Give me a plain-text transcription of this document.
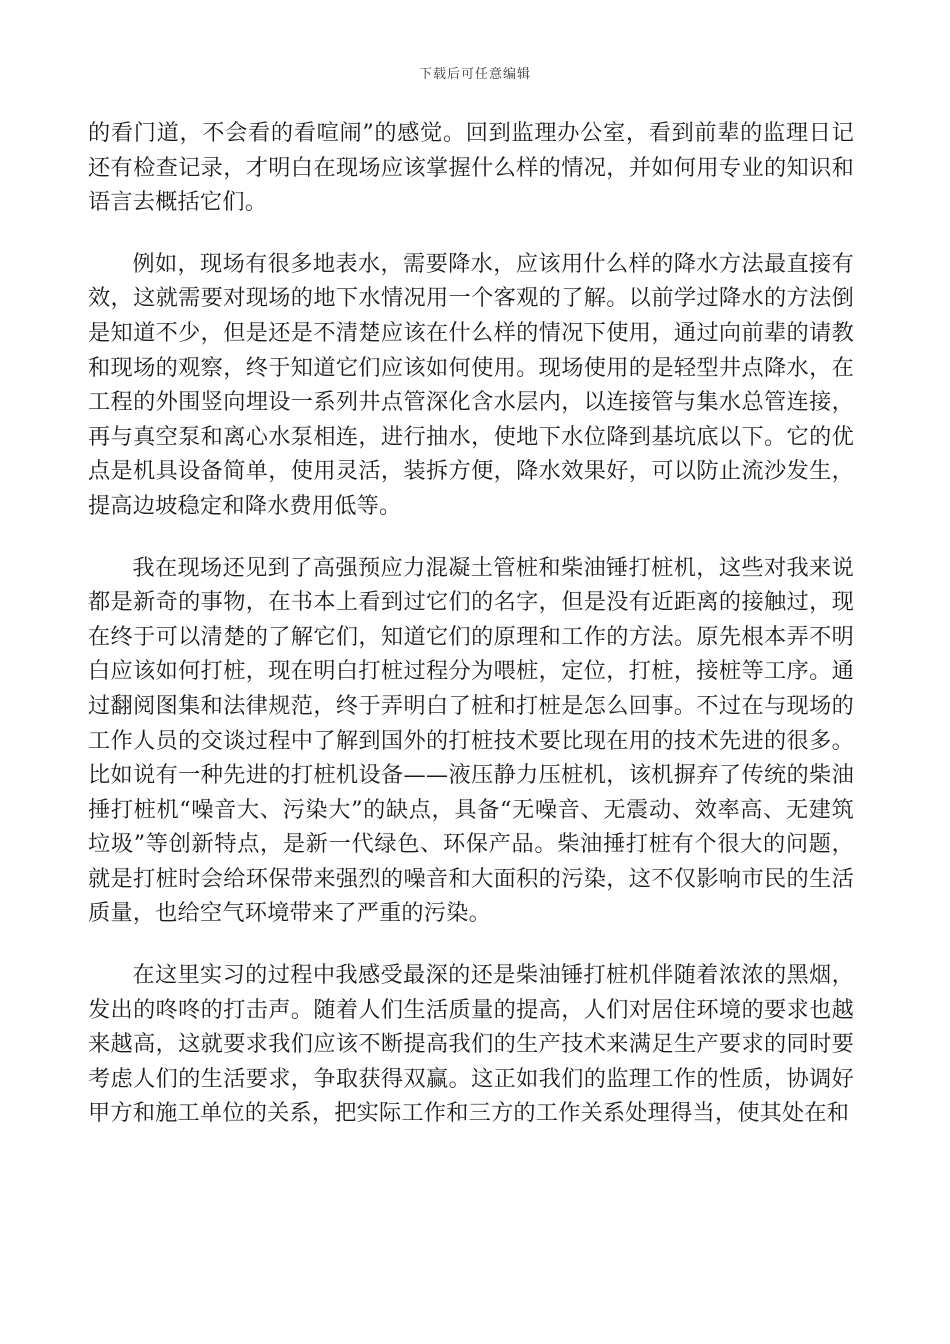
下载后可任意编辑

的看门道，不会看的看喧闹”的感觉。回到监理办公室，看到前辈的监理日记还有检查记录，才明白在现场应该掌握什么样的情况，并如何用专业的知识和语言去概括它们。

例如，现场有很多地表水，需要降水，应该用什么样的降水方法最直接有效，这就需要对现场的地下水情况用一个客观的了解。以前学过降水的方法倒是知道不少，但是还是不清楚应该在什么样的情况下使用，通过向前辈的请教和现场的观察，终于知道它们应该如何使用。现场使用的是轻型井点降水，在工程的外围竖向埋设一系列井点管深化含水层内，以连接管与集水总管连接，再与真空泵和离心水泵相连，进行抽水，使地下水位降到基坑底以下。它的优点是机具设备简单，使用灵活，装拆方便，降水效果好，可以防止流沙发生，提高边坡稳定和降水费用低等。

我在现场还见到了高强预应力混凝土管桩和柴油锤打桩机，这些对我来说都是新奇的事物，在书本上看到过它们的名字，但是没有近距离的接触过，现在终于可以清楚的了解它们，知道它们的原理和工作的方法。原先根本弄不明白应该如何打桩，现在明白打桩过程分为喂桩，定位，打桩，接桩等工序。通过翻阅图集和法律规范，终于弄明白了桩和打桩是怎么回事。不过在与现场的工作人员的交谈过程中了解到国外的打桩技术要比现在用的技术先进的很多。比如说有一种先进的打桩机设备——液压静力压桩机，该机摒弃了传统的柴油捶打桩机“噪音大、污染大”的缺点，具备“无噪音、无震动、效率高、无建筑垃圾”等创新特点，是新一代绿色、环保产品。柴油捶打桩有个很大的问题，就是打桩时会给环保带来强烈的噪音和大面积的污染，这不仅影响市民的生活质量，也给空气环境带来了严重的污染。

在这里实习的过程中我感受最深的还是柴油锤打桩机伴随着浓浓的黑烟，发出的咚咚的打击声。随着人们生活质量的提高，人们对居住环境的要求也越来越高，这就要求我们应该不断提高我们的生产技术来满足生产要求的同时要考虑人们的生活要求，争取获得双赢。这正如我们的监理工作的性质，协调好甲方和施工单位的关系，把实际工作和三方的工作关系处理得当，使其处在和
